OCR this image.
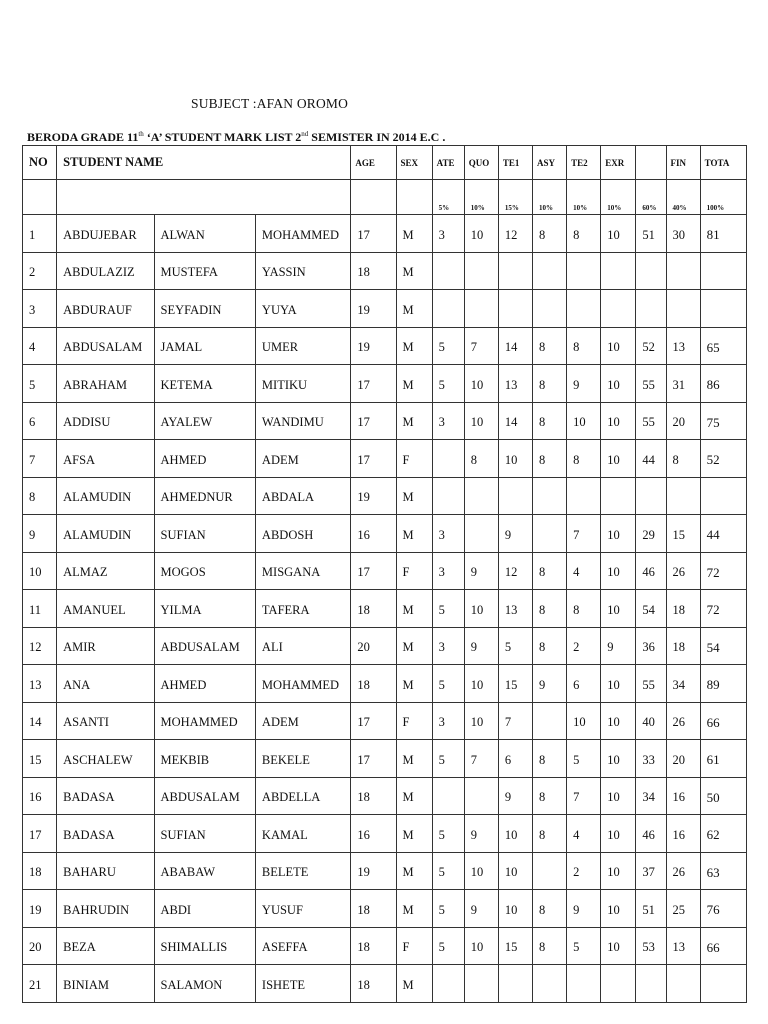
SUBJECT :AFAN OROMO
BERODA GRADE 11th ‘A’ STUDENT MARK LIST 2nd SEMISTER IN 2014 E.C .
NO	STUDENT NAME			AGE	SEX	ATE	QUO	TE1	ASY	TE2	EXR		FIN	TOTA
						5%	10%	15%	10%	10%	10%	60%	40%	100%
1	ABDUJEBAR	ALWAN	MOHAMMED	17	M	3	10	12	8	8	10	51	30	81
2	ABDULAZIZ	MUSTEFA	YASSIN	18	M									
3	ABDURAUF	SEYFADIN	YUYA	19	M									
4	ABDUSALAM	JAMAL	UMER	19	M	5	7	14	8	8	10	52	13	65
5	ABRAHAM	KETEMA	MITIKU	17	M	5	10	13	8	9	10	55	31	86
6	ADDISU	AYALEW	WANDIMU	17	M	3	10	14	8	10	10	55	20	75
7	AFSA	AHMED	ADEM	17	F		8	10	8	8	10	44	8	52
8	ALAMUDIN	AHMEDNUR	ABDALA	19	M									
9	ALAMUDIN	SUFIAN	ABDOSH	16	M	3		9		7	10	29	15	44
10	ALMAZ	MOGOS	MISGANA	17	F	3	9	12	8	4	10	46	26	72
11	AMANUEL	YILMA	TAFERA	18	M	5	10	13	8	8	10	54	18	72
12	AMIR	ABDUSALAM	ALI	20	M	3	9	5	8	2	9	36	18	54
13	ANA	AHMED	MOHAMMED	18	M	5	10	15	9	6	10	55	34	89
14	ASANTI	MOHAMMED	ADEM	17	F	3	10	7		10	10	40	26	66
15	ASCHALEW	MEKBIB	BEKELE	17	M	5	7	6	8	5	10	33	20	61
16	BADASA	ABDUSALAM	ABDELLA	18	M			9	8	7	10	34	16	50
17	BADASA	SUFIAN	KAMAL	16	M	5	9	10	8	4	10	46	16	62
18	BAHARU	ABABAW	BELETE	19	M	5	10	10		2	10	37	26	63
19	BAHRUDIN	ABDI	YUSUF	18	M	5	9	10	8	9	10	51	25	76
20	BEZA	SHIMALLIS	ASEFFA	18	F	5	10	15	8	5	10	53	13	66
21	BINIAM	SALAMON	ISHETE	18	M									
